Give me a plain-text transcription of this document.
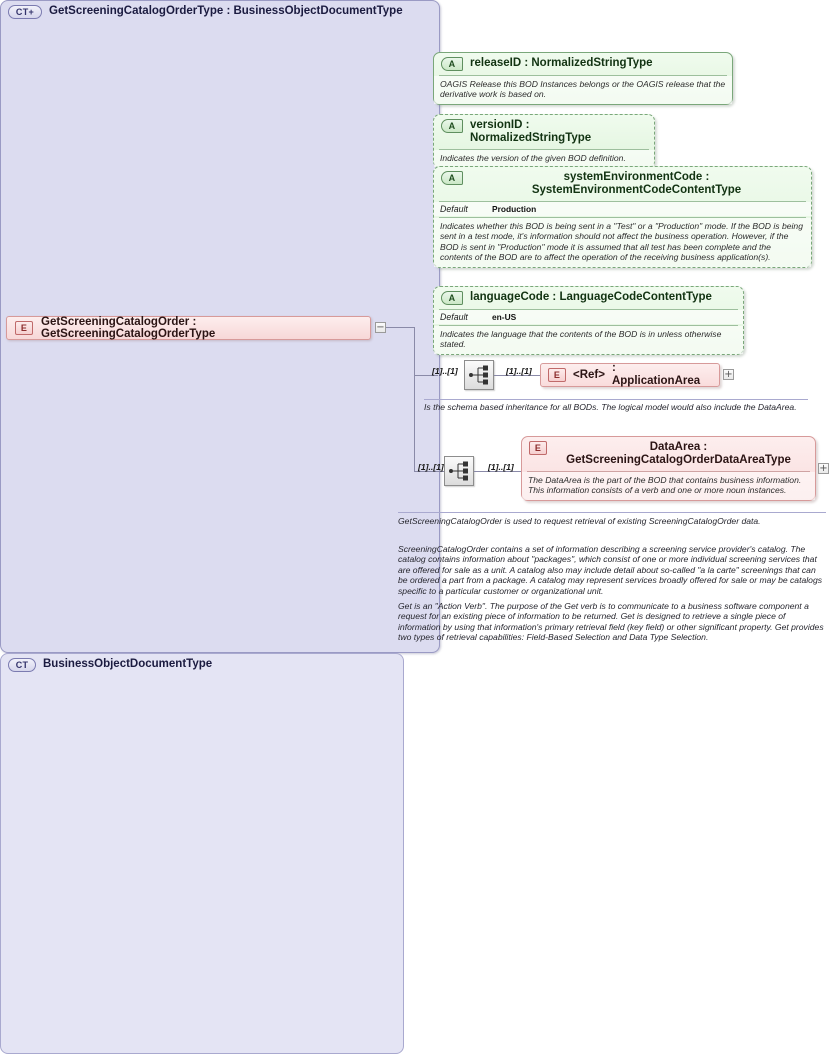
E	GetScreeningCatalogOrder : GetScreeningCatalogOrderType
−
CT + GetScreeningCatalogOrderType : BusinessObjectDocumentType
CT	BusinessObjectDocumentType
Is the schema based inheritance for all BODs. The logical model would also include the DataArea.
A	releaseID : NormalizedStringType
OAGIS Release this BOD Instances belongs or the OAGIS release that the derivative work is based on.
A	versionID : NormalizedStringType
Indicates the version of the given BOD definition.
A	systemEnvironmentCode : SystemEnvironmentCodeContentType
Default	Production
Indicates whether this BOD is being sent in a "Test" or a "Production" mode. If the BOD is being sent in a test mode, it's information should not affect the business operation. However, if the BOD is sent in "Production" mode it is assumed that all test has been complete and the contents of the BOD are to affect the operation of the receiving business application(s).
A	languageCode : LanguageCodeContentType
Default	en-US
Indicates the language that the contents of the BOD is in unless otherwise stated.
[1]..[1]	[1]..[1]	E	<Ref>
: ApplicationArea
+
[1]..[1]	[1]..[1]
E	DataArea : GetScreeningCatalogOrderDataAreaType
The DataArea is the part of the BOD that contains business information. This information consists of a verb and one or more noun instances.
+
GetScreeningCatalogOrder is used to request retrieval of existing ScreeningCatalogOrder data.
ScreeningCatalogOrder contains a set of information describing a screening service provider's catalog. The catalog contains information about "packages", which consist of one or more individual screening services that are offered for sale as a unit. A catalog also may include detail about so-called "a la carte" screenings that can be ordered a part from a package. A catalog may represent services broadly offered for sale or may be catalogs specific to a particular customer or organizational unit.
Get is an "Action Verb". The purpose of the Get verb is to communicate to a business software component a request for an existing piece of information to be returned. Get is designed to retrieve a single piece of information by using that information's primary retrieval field (key field) or other significant property. Get provides two types of retrieval capabilities: Field-Based Selection and Data Type Selection.
